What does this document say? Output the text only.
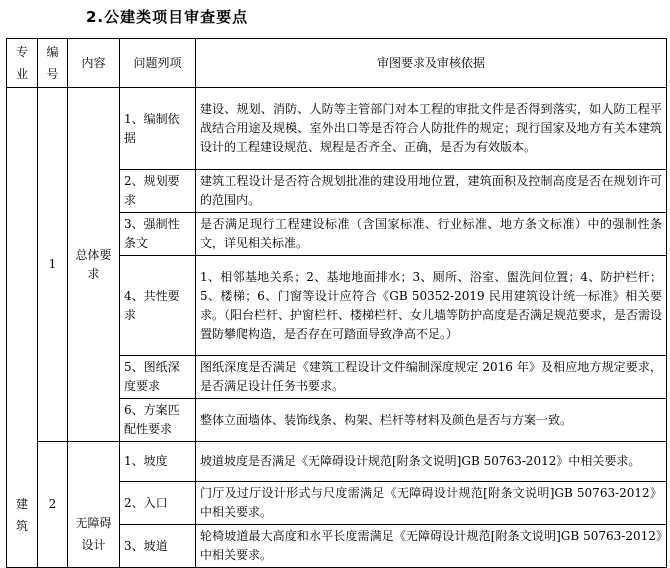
2.公建类项目审查要点
专业	编号	内容	问题列项	审图要求及审核依据
建筑	1	总体要求	1、编制依据	建设、规划、消防、人防等主管部门对本工程的审批文件是否得到落实，如人防工程平战结合用途及规模、室外出口等是否符合人防批件的规定；现行国家及地方有关本建筑设计的工程建设规范、规程是否齐全、正确，是否为有效版本。
			2、规划要求	建筑工程设计是否符合规划批准的建设用地位置，建筑面积及控制高度是否在规划许可的范围内。
			3、强制性条文	是否满足现行工程建设标准（含国家标准、行业标准、地方条文标准）中的强制性条文，详见相关标准。
			4、共性要求	1、相邻基地关系；2、基地地面排水；3、厕所、浴室、盥洗间位置；4、防护栏杆；5、楼梯；6、门窗等设计应符合《GB 50352-2019 民用建筑设计统一标准》相关要求。（阳台栏杆、护窗栏杆、楼梯栏杆、女儿墙等防护高度是否满足规范要求，是否需设置防攀爬构造，是否存在可踏面导致净高不足。）
			5、图纸深度要求	图纸深度是否满足《建筑工程设计文件编制深度规定 2016 年》及相应地方规定要求，是否满足设计任务书要求。
			6、方案匹配性要求	整体立面墙体、装饰线条、构架、栏杆等材料及颜色是否与方案一致。
	2	无障碍设计	1、坡度	坡道坡度是否满足《无障碍设计规范[附条文说明]GB 50763-2012》中相关要求。
			2、入口	门厅及过厅设计形式与尺度需满足《无障碍设计规范[附条文说明]GB 50763-2012》中相关要求。
			3、坡道	轮椅坡道最大高度和水平长度需满足《无障碍设计规范[附条文说明]GB 50763-2012》中相关要求。
